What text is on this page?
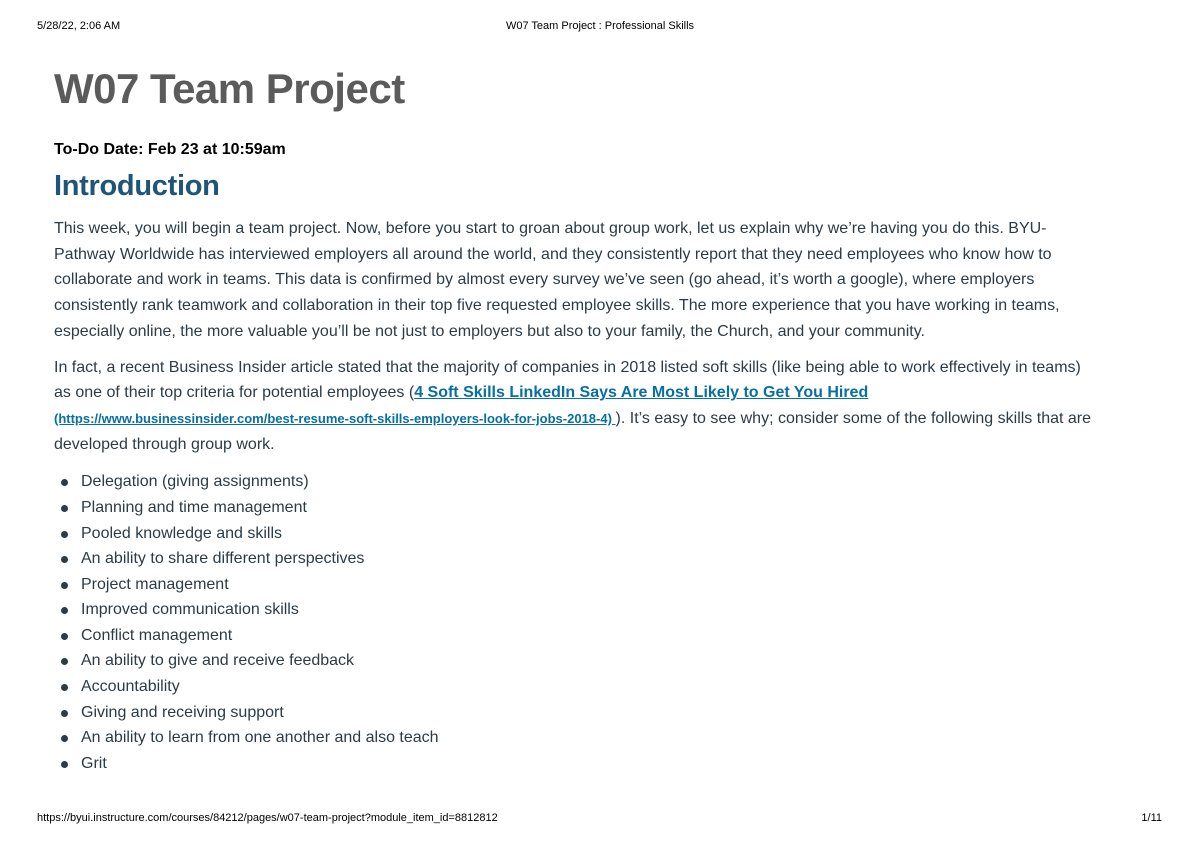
5/28/22, 2:06 AM	W07 Team Project : Professional Skills
W07 Team Project
To-Do Date: Feb 23 at 10:59am
Introduction

This week, you will begin a team project. Now, before you start to groan about group work, let us explain why we’re having you do this. BYU-Pathway Worldwide has interviewed employers all around the world, and they consistently report that they need employees who know how to collaborate and work in teams. This data is confirmed by almost every survey we’ve seen (go ahead, it’s worth a google), where employers consistently rank teamwork and collaboration in their top five requested employee skills. The more experience that you have working in teams, especially online, the more valuable you’ll be not just to employers but also to your family, the Church, and your community.

In fact, a recent Business Insider article stated that the majority of companies in 2018 listed soft skills (like being able to work effectively in teams) as one of their top criteria for potential employees (4 Soft Skills LinkedIn Says Are Most Likely to Get You Hired (https://www.businessinsider.com/best-resume-soft-skills-employers-look-for-jobs-2018-4) ). It’s easy to see why; consider some of the following skills that are developed through group work.

Delegation (giving assignments)
Planning and time management
Pooled knowledge and skills
An ability to share different perspectives
Project management
Improved communication skills
Conflict management
An ability to give and receive feedback
Accountability
Giving and receiving support
An ability to learn from one another and also teach
Grit
https://byui.instructure.com/courses/84212/pages/w07-team-project?module_item_id=8812812	1/11
